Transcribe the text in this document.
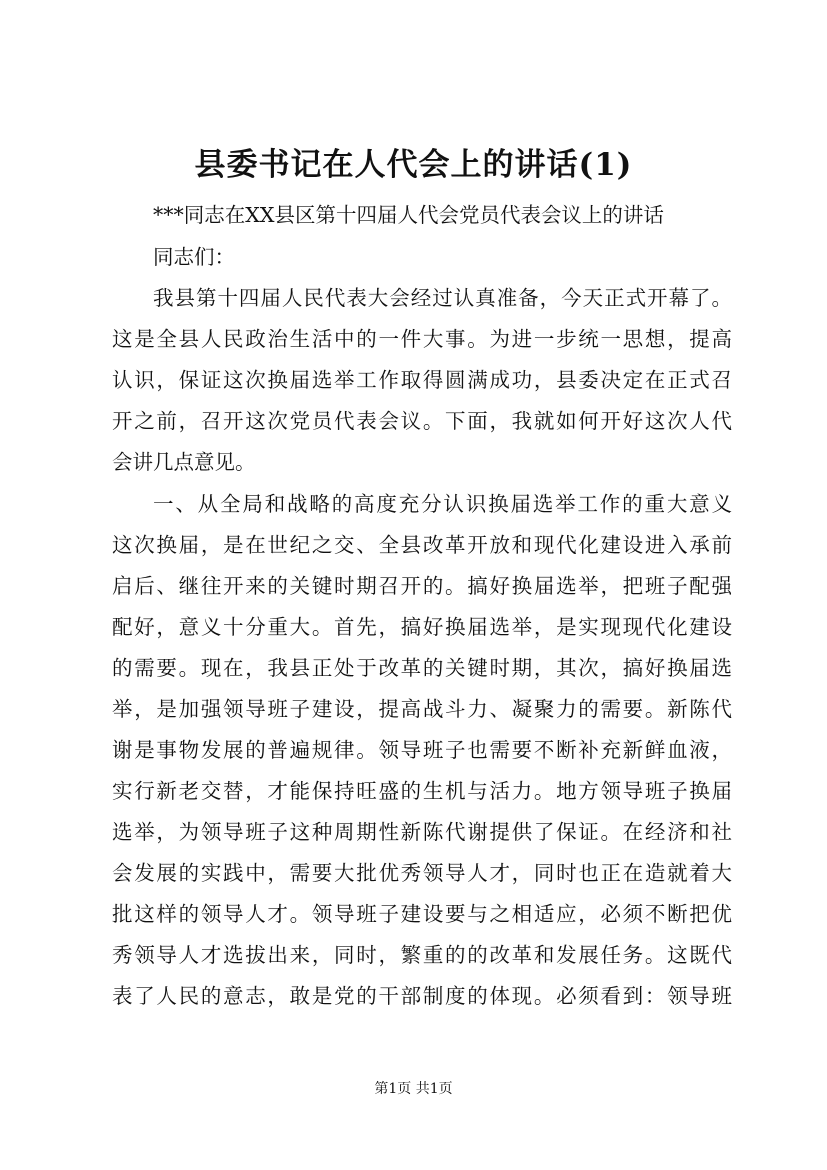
县委书记在人代会上的讲话(1)
***同志在XX县区第十四届人代会党员代表会议上的讲话
同志们：
我县第十四届人民代表大会经过认真准备，今天正式开幕了。
这是全县人民政治生活中的一件大事。为进一步统一思想，提高
认识，保证这次换届选举工作取得圆满成功，县委决定在正式召
开之前，召开这次党员代表会议。下面，我就如何开好这次人代
会讲几点意见。
一、从全局和战略的高度充分认识换届选举工作的重大意义
这次换届，是在世纪之交、全县改革开放和现代化建设进入承前
启后、继往开来的关键时期召开的。搞好换届选举，把班子配强
配好，意义十分重大。首先，搞好换届选举，是实现现代化建设
的需要。现在，我县正处于改革的关键时期，其次，搞好换届选
举，是加强领导班子建设，提高战斗力、凝聚力的需要。新陈代
谢是事物发展的普遍规律。领导班子也需要不断补充新鲜血液，
实行新老交替，才能保持旺盛的生机与活力。地方领导班子换届
选举，为领导班子这种周期性新陈代谢提供了保证。在经济和社
会发展的实践中，需要大批优秀领导人才，同时也正在造就着大
批这样的领导人才。领导班子建设要与之相适应，必须不断把优
秀领导人才选拔出来，同时，繁重的的改革和发展任务。这既代
表了人民的意志，敢是党的干部制度的体现。必须看到：领导班
第1页 共1页
